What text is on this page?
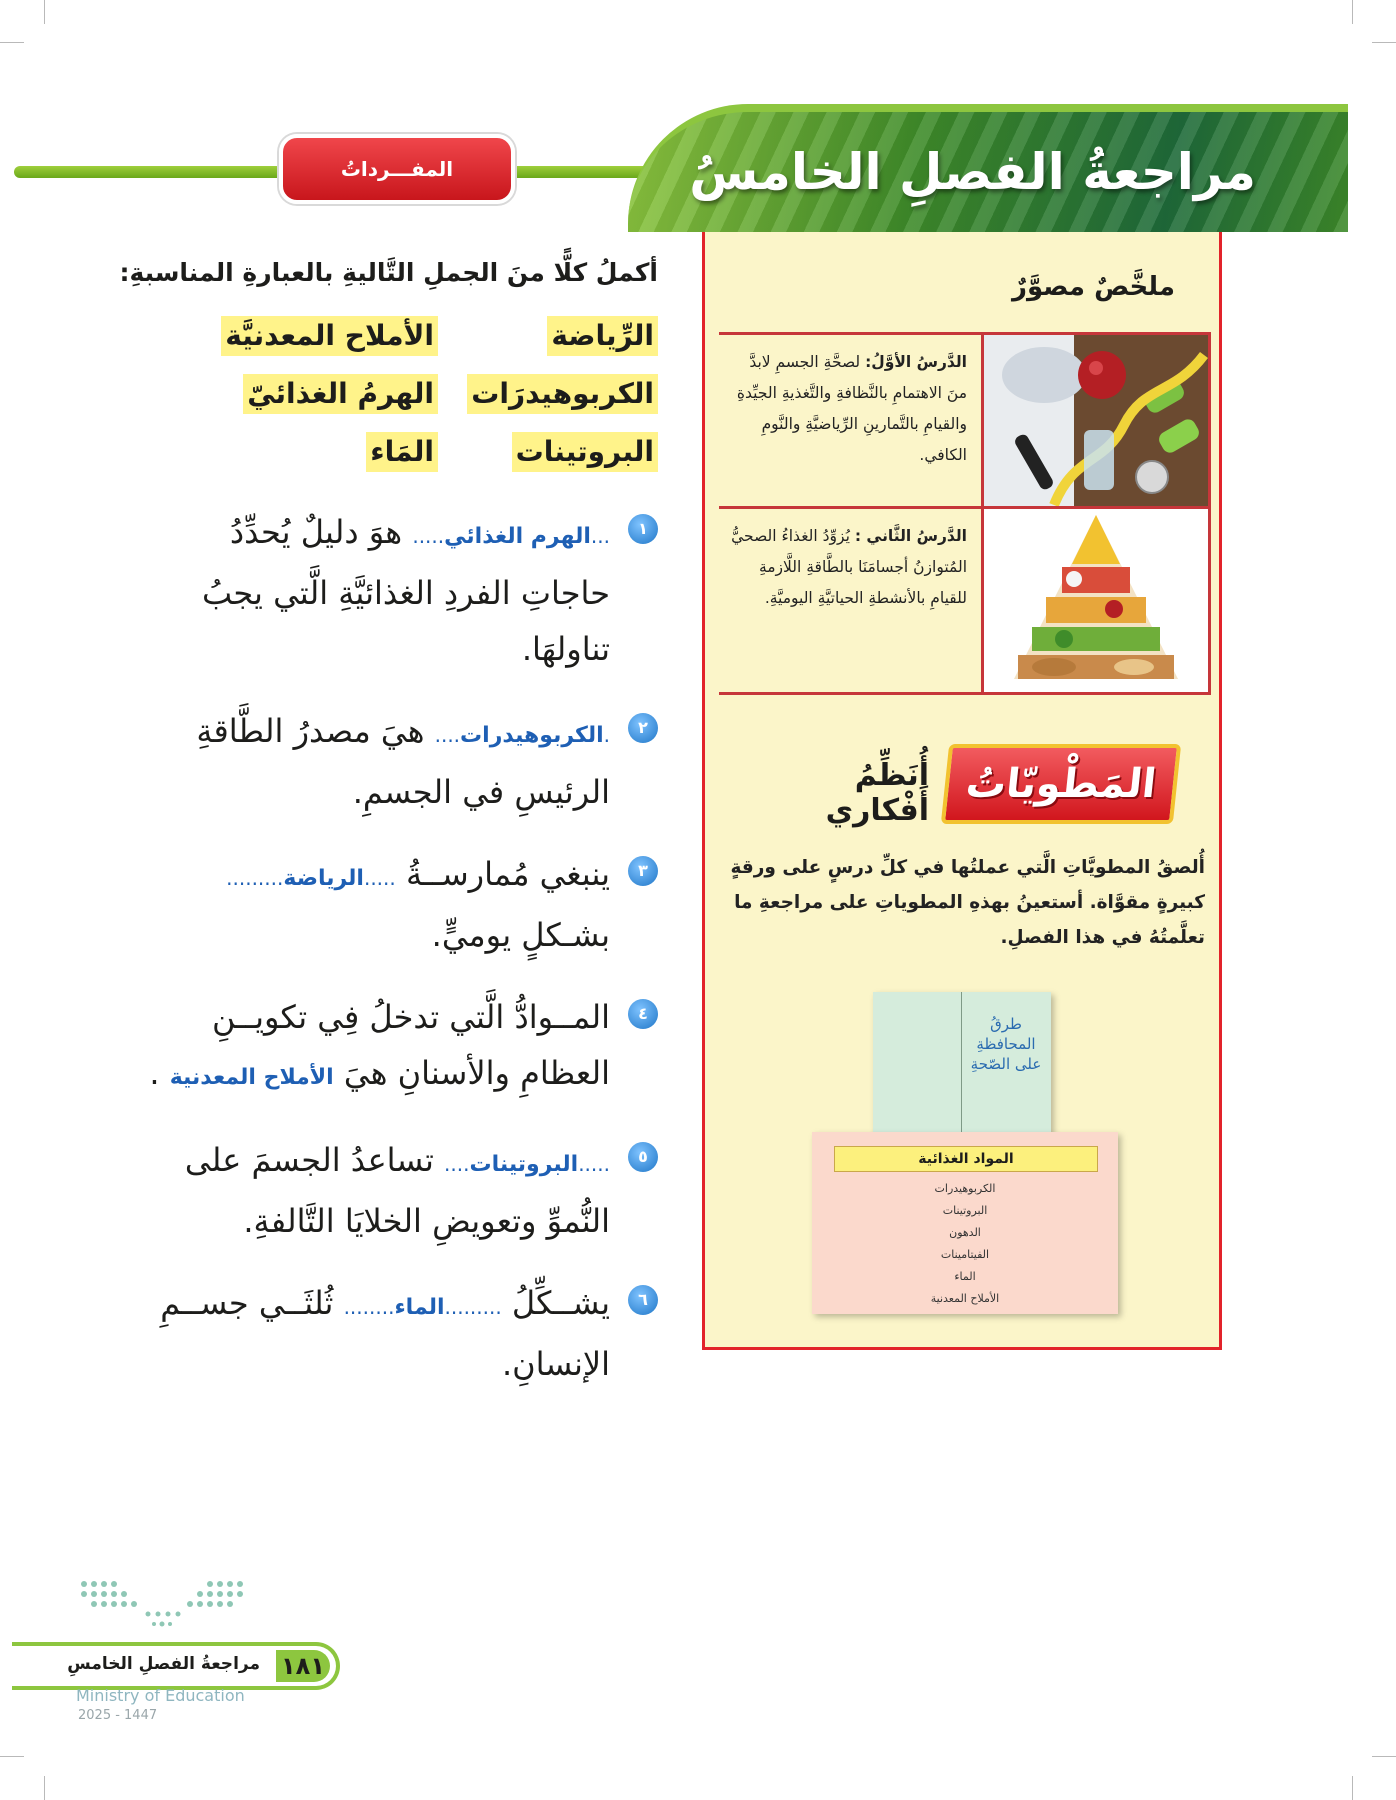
المفـــرداتُ	مراجعةُ الفصلِ الخامسُ
ملخَّصٌ مصوَّرٌ
الدَّرسُ الأوَّلُ: لصحَّةِ الجسمِ لابدَّ منَ الاهتمامِ بالنَّظافةِ والتَّغذيةِ الجيِّدةِ والقيامِ بالتَّمارينِ الرِّياضيَّةِ والنَّومِ الكافي.
الدَّرسُ الثَّاني : يُزوِّدُ الغذاءُ الصحيُّ المُتوازنُ أجسامَنَا بالطَّاقةِ اللَّازمةِ للقيامِ بالأنشطةِ الحياتيَّةِ اليوميَّةِ.
المَطْويّاتُ
أُنَظِّمُ أَفْكاري
أُلصقُ المطويَّاتِ الَّتي عملتُها في كلِّ درسٍ على ورقةٍ كبيرةٍ مقوَّاة. أستعينُ بهذهِ المطوياتِ على مراجعةِ ما تعلَّمتُهُ في هذا الفصلِ.
طرقُ المحافظةِ على الصّحةِ
المواد الغذائية
الكربوهيدرات
البروتينات
الدهون
الفيتامينات
الماء
الأملاح المعدنية
أكملُ كلًّا منَ الجملِ التَّاليةِ بالعبارةِ المناسبةِ:
الرِّياضة
الأملاح المعدنيَّة
الكربوهيدرَات
الهرمُ الغذائيّ
البروتينات
المَاء
١
...الهرم الغذائي..... هوَ دليلٌ يُحدِّدُ حاجاتِ الفردِ الغذائيَّةِ الَّتي يجبُ تناولهَا.
٢
.الكربوهيدرات.... هيَ مصدرُ الطَّاقةِ الرئيسِ في الجسمِ.
٣
ينبغي مُمارســةُ .....الرياضة......... بشـكلٍ يوميٍّ.
٤
المــوادُّ الَّتي تدخلُ فِي تكويــنِ العظامِ والأسنانِ هيَ الأملاح المعدنية .
٥
.....البروتينات.... تساعدُ الجسمَ على النُّموِّ وتعويضِ الخلايَا التَّالفةِ.
٦
يشــكِّلُ .........الماء........ ثُلثَــي جســمِ الإنسانِ.
١٨١
مراجعةُ الفصلِ الخامسِ
Ministry of Education
2025 - 1447
